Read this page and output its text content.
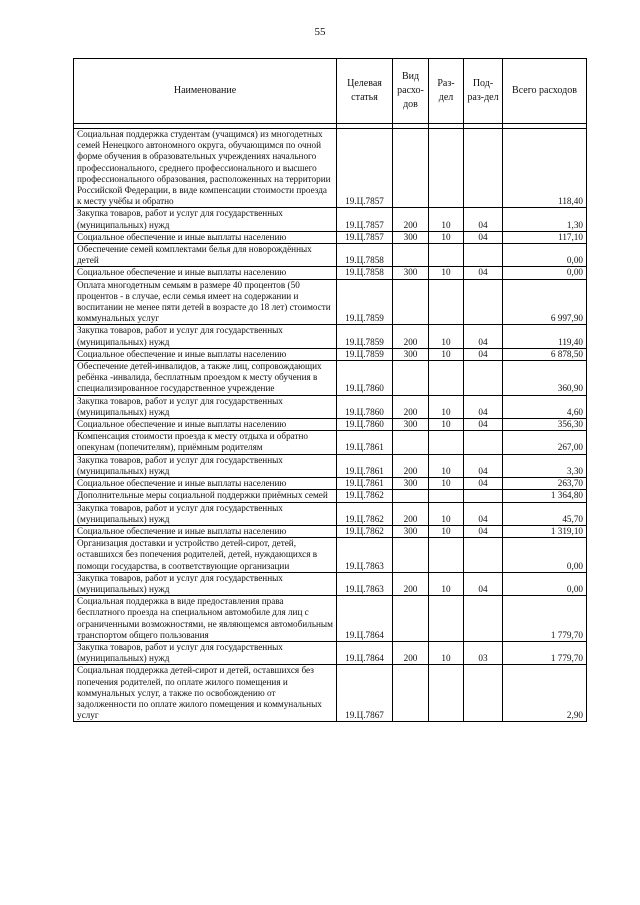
55
Наименование	Целевая статья	Вид расхо-дов	Раз-дел	Под-раз-дел	Всего расходов

Социальная поддержка студентам (учащимся) из многодетных семей Ненецкого автономного округа, обучающимся по очной форме обучения в образовательных учреждениях начального профессионального, среднего профессионального и высшего профессионального образования, расположенных на территории Российской Федерации, в виде компенсации стоимости проезда к месту учёбы и обратно	19.Ц.7857				118,40
Закупка товаров, работ и услуг для государственных (муниципальных) нужд	19.Ц.7857	200	10	04	1,30
Социальное обеспечение и иные выплаты населению	19.Ц.7857	300	10	04	117,10
Обеспечение семей комплектами белья для новорождённых детей	19.Ц.7858				0,00
Социальное обеспечение и иные выплаты населению	19.Ц.7858	300	10	04	0,00
Оплата многодетным семьям в размере 40 процентов (50 процентов - в случае, если семья имеет на содержании и воспитании не менее пяти детей в возрасте до 18 лет) стоимости коммунальных услуг	19.Ц.7859				6 997,90
Закупка товаров, работ и услуг для государственных (муниципальных) нужд	19.Ц.7859	200	10	04	119,40
Социальное обеспечение и иные выплаты населению	19.Ц.7859	300	10	04	6 878,50
Обеспечение детей-инвалидов, а также лиц, сопровождающих ребёнка -инвалида, бесплатным проездом к месту обучения в специализированное государственное учреждение	19.Ц.7860				360,90
Закупка товаров, работ и услуг для государственных (муниципальных) нужд	19.Ц.7860	200	10	04	4,60
Социальное обеспечение и иные выплаты населению	19.Ц.7860	300	10	04	356,30
Компенсация стоимости проезда к месту отдыха и обратно опекунам (попечителям), приёмным родителям	19.Ц.7861				267,00
Закупка товаров, работ и услуг для государственных (муниципальных) нужд	19.Ц.7861	200	10	04	3,30
Социальное обеспечение и иные выплаты населению	19.Ц.7861	300	10	04	263,70
Дополнительные меры социальной поддержки приёмных семей	19.Ц.7862				1 364,80
Закупка товаров, работ и услуг для государственных (муниципальных) нужд	19.Ц.7862	200	10	04	45,70
Социальное обеспечение и иные выплаты населению	19.Ц.7862	300	10	04	1 319,10
Организация доставки и устройство детей-сирот, детей, оставшихся без попечения родителей, детей, нуждающихся в помощи государства, в соответствующие организации	19.Ц.7863				0,00
Закупка товаров, работ и услуг для государственных (муниципальных) нужд	19.Ц.7863	200	10	04	0,00
Социальная поддержка в виде предоставления права бесплатного проезда на специальном автомобиле для лиц с ограниченными возможностями, не являющемся автомобильным транспортом общего пользования	19.Ц.7864				1 779,70
Закупка товаров, работ и услуг для государственных (муниципальных) нужд	19.Ц.7864	200	10	03	1 779,70
Социальная поддержка детей-сирот и детей, оставшихся без попечения родителей, по оплате жилого помещения и коммунальных услуг, а также по освобождению от задолженности по оплате жилого помещения и коммунальных услуг	19.Ц.7867				2,90
